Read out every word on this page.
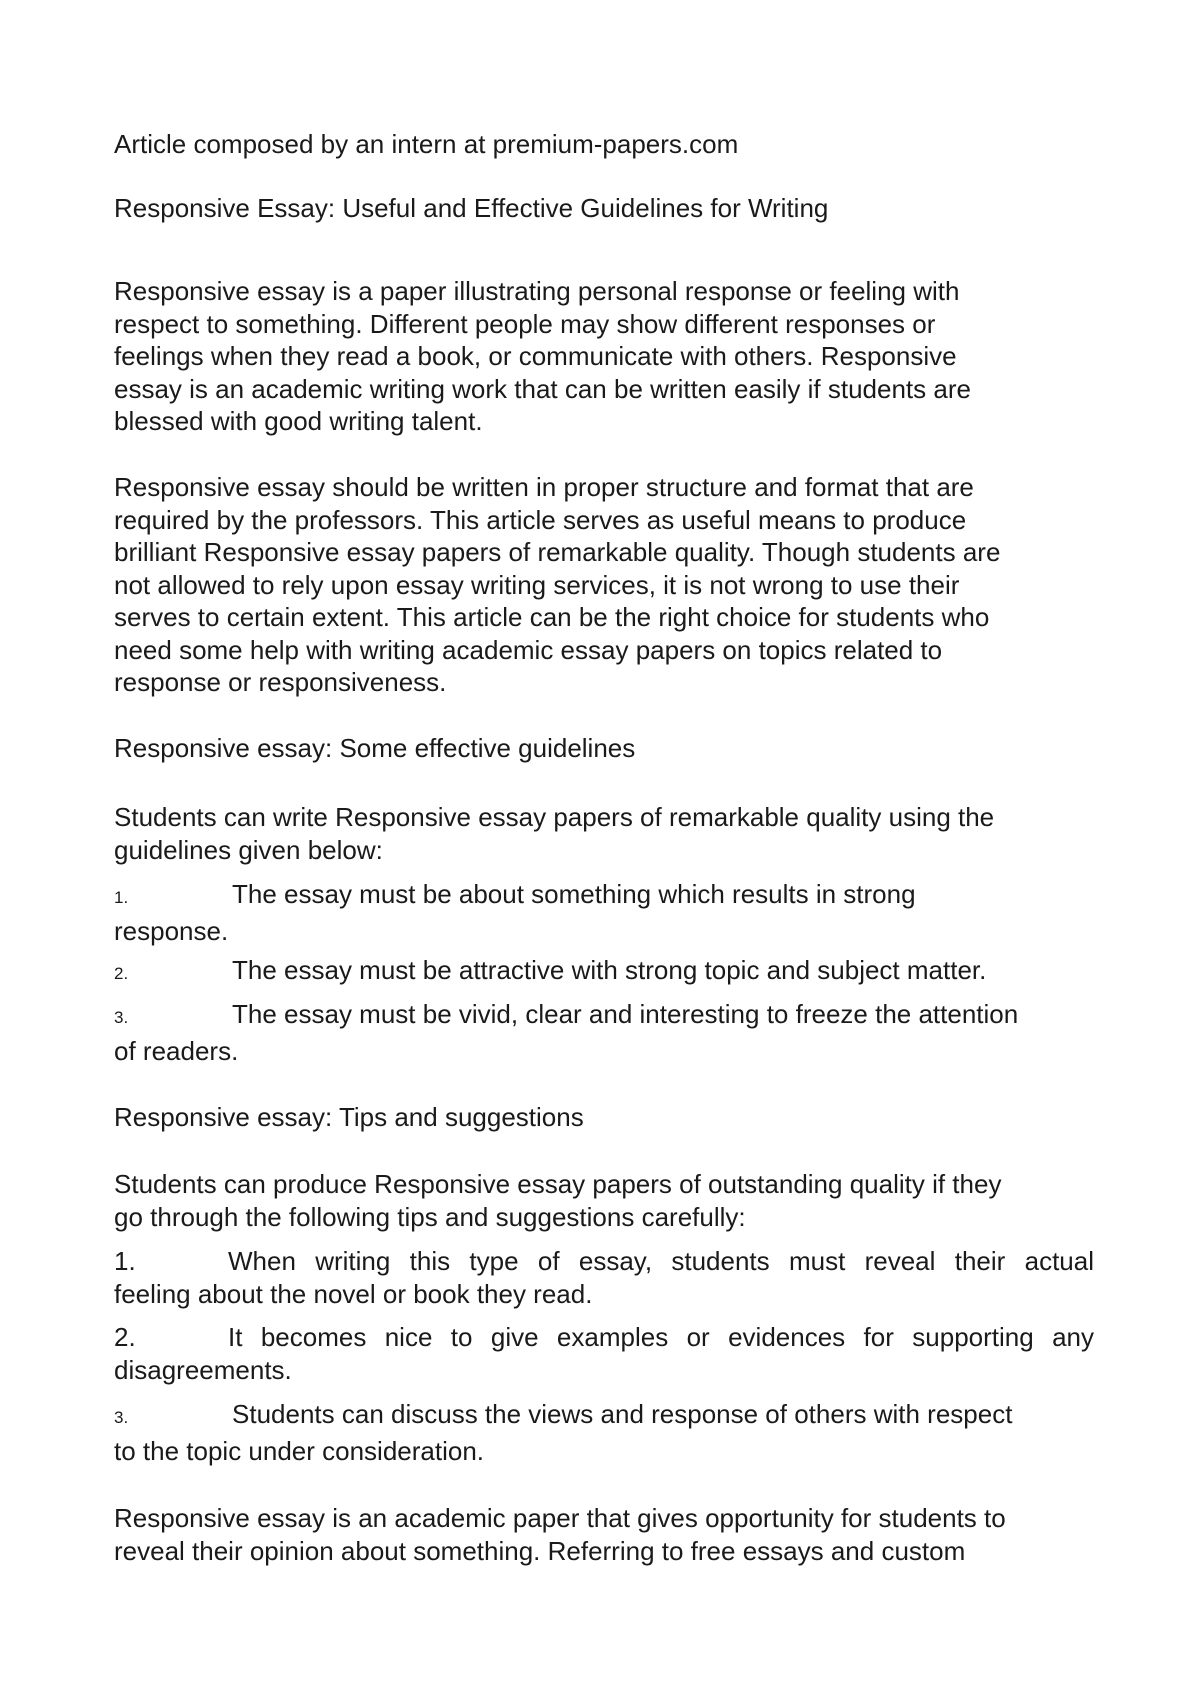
Article composed by an intern at premium-papers.com

Responsive Essay: Useful and Effective Guidelines for Writing

Responsive essay is a paper illustrating personal response or feeling with
respect to something. Different people may show different responses or
feelings when they read a book, or communicate with others. Responsive
essay is an academic writing work that can be written easily if students are
blessed with good writing talent.

Responsive essay should be written in proper structure and format that are
required by the professors. This article serves as useful means to produce
brilliant Responsive essay papers of remarkable quality. Though students are
not allowed to rely upon essay writing services, it is not wrong to use their
serves to certain extent. This article can be the right choice for students who
need some help with writing academic essay papers on topics related to
response or responsiveness.

Responsive essay: Some effective guidelines

Students can write Responsive essay papers of remarkable quality using the
guidelines given below:

1.	The essay must be about something which results in strong
response.
2.	The essay must be attractive with strong topic and subject matter.
3.	The essay must be vivid, clear and interesting to freeze the attention
of readers.

Responsive essay: Tips and suggestions

Students can produce Responsive essay papers of outstanding quality if they
go through the following tips and suggestions carefully:

1.	When writing this type of essay, students must reveal their actual
feeling about the novel or book they read.
2.	It becomes nice to give examples or evidences for supporting any
disagreements.
3.	Students can discuss the views and response of others with respect
to the topic under consideration.

Responsive essay is an academic paper that gives opportunity for students to
reveal their opinion about something. Referring to free essays and custom
